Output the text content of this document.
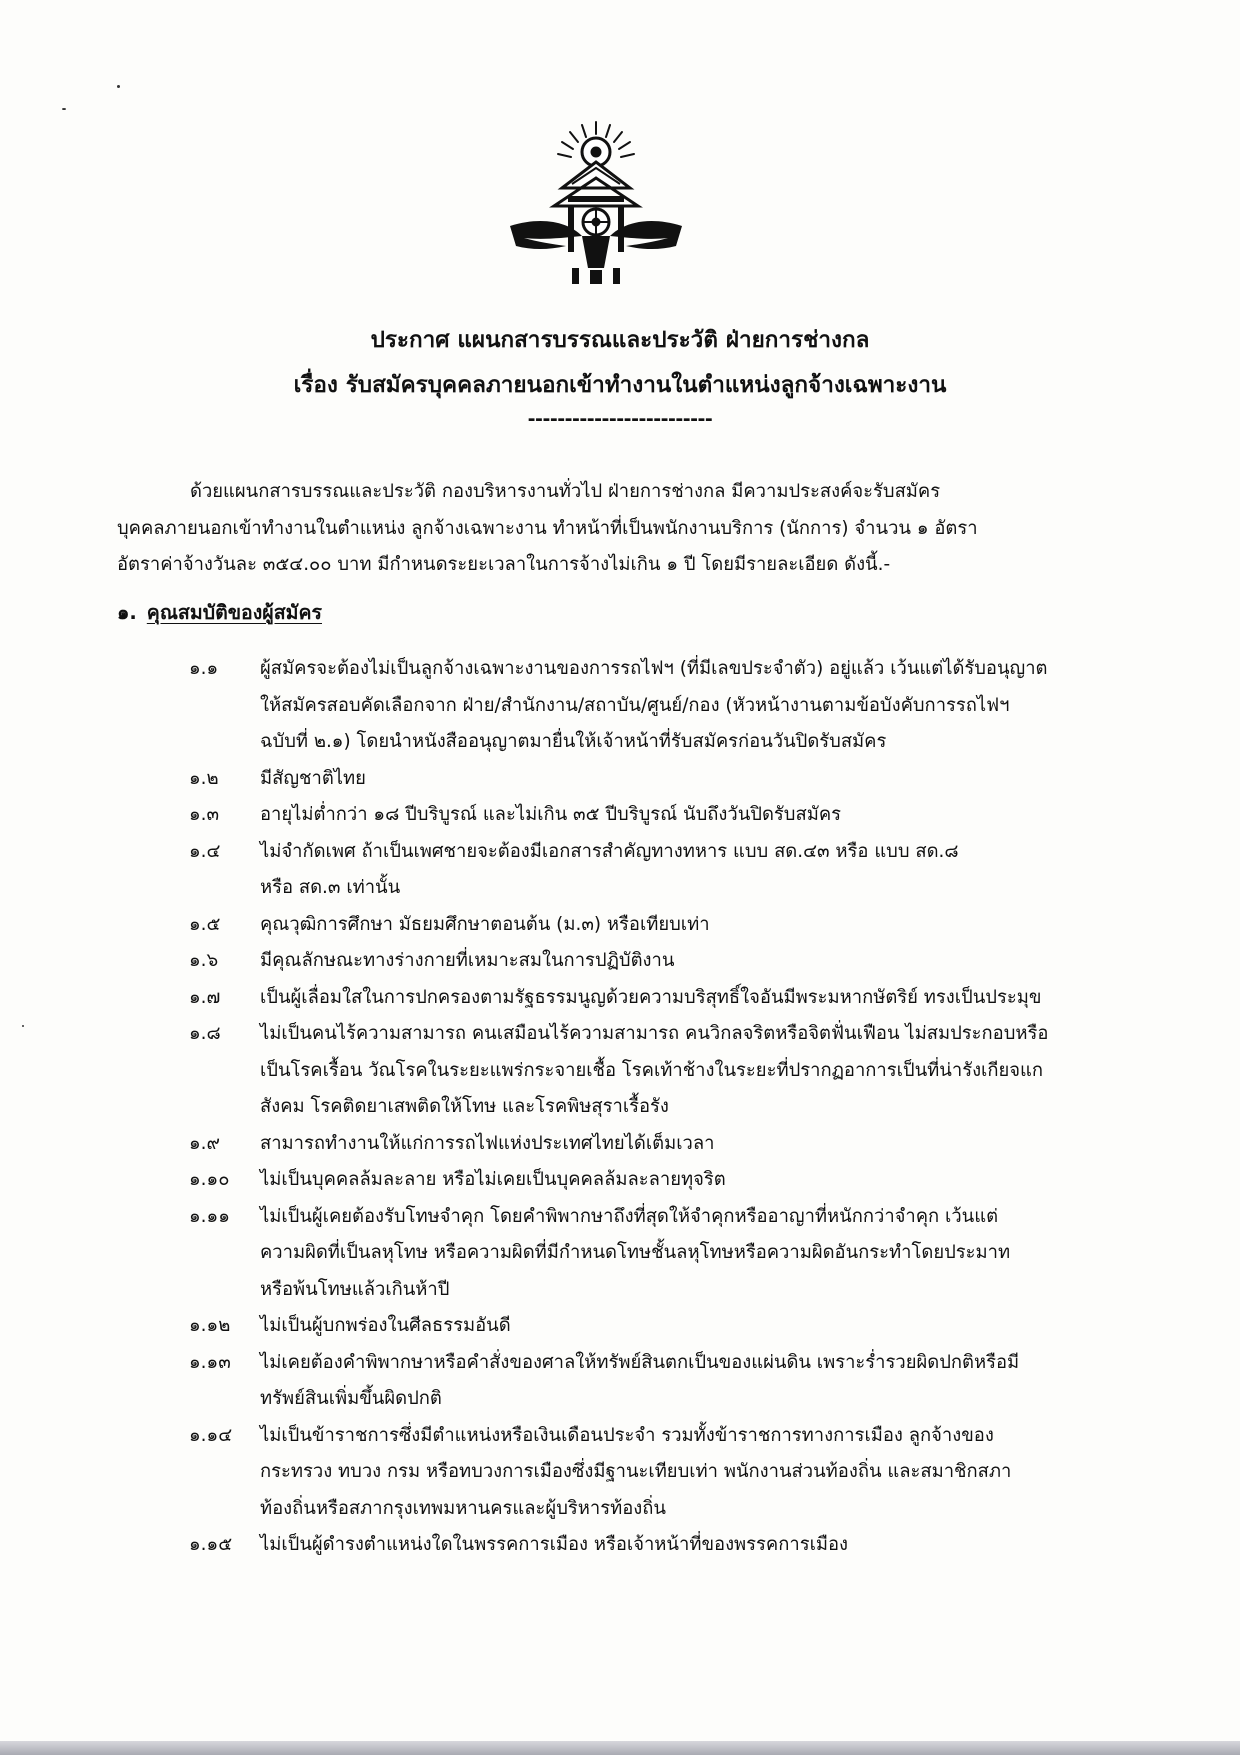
ประกาศ แผนกสารบรรณและประวัติ ฝ่ายการช่างกล
เรื่อง รับสมัครบุคคลภายนอกเข้าทำงานในตำแหน่งลูกจ้างเฉพาะงาน
-------------------------
ด้วยแผนกสารบรรณและประวัติ กองบริหารงานทั่วไป ฝ่ายการช่างกล มีความประสงค์จะรับสมัคร
บุคคลภายนอกเข้าทำงานในตำแหน่ง ลูกจ้างเฉพาะงาน ทำหน้าที่เป็นพนักงานบริการ (นักการ) จำนวน ๑ อัตรา
อัตราค่าจ้างวันละ ๓๕๔.๐๐ บาท มีกำหนดระยะเวลาในการจ้างไม่เกิน ๑ ปี โดยมีรายละเอียด ดังนี้.-
๑. คุณสมบัติของผู้สมัคร
๑.๑ ผู้สมัครจะต้องไม่เป็นลูกจ้างเฉพาะงานของการรถไฟฯ (ที่มีเลขประจำตัว) อยู่แล้ว เว้นแต่ได้รับอนุญาต
ให้สมัครสอบคัดเลือกจาก ฝ่าย/สำนักงาน/สถาบัน/ศูนย์/กอง (หัวหน้างานตามข้อบังคับการรถไฟฯ
ฉบับที่ ๒.๑) โดยนำหนังสืออนุญาตมายื่นให้เจ้าหน้าที่รับสมัครก่อนวันปิดรับสมัคร
๑.๒ มีสัญชาติไทย
๑.๓ อายุไม่ต่ำกว่า ๑๘ ปีบริบูรณ์ และไม่เกิน ๓๕ ปีบริบูรณ์ นับถึงวันปิดรับสมัคร
๑.๔ ไม่จำกัดเพศ ถ้าเป็นเพศชายจะต้องมีเอกสารสำคัญทางทหาร แบบ สด.๔๓ หรือ แบบ สด.๘
หรือ สด.๓ เท่านั้น
๑.๕ คุณวุฒิการศึกษา มัธยมศึกษาตอนต้น (ม.๓) หรือเทียบเท่า
๑.๖ มีคุณลักษณะทางร่างกายที่เหมาะสมในการปฏิบัติงาน
๑.๗ เป็นผู้เลื่อมใสในการปกครองตามรัฐธรรมนูญด้วยความบริสุทธิ์ใจอันมีพระมหากษัตริย์ ทรงเป็นประมุข
๑.๘ ไม่เป็นคนไร้ความสามารถ คนเสมือนไร้ความสามารถ คนวิกลจริตหรือจิตฟั่นเฟือน ไม่สมประกอบหรือ
เป็นโรคเรื้อน วัณโรคในระยะแพร่กระจายเชื้อ โรคเท้าช้างในระยะที่ปรากฏอาการเป็นที่น่ารังเกียจแก
สังคม โรคติดยาเสพติดให้โทษ และโรคพิษสุราเรื้อรัง
๑.๙ สามารถทำงานให้แก่การรถไฟแห่งประเทศไทยได้เต็มเวลา
๑.๑๐ ไม่เป็นบุคคลล้มละลาย หรือไม่เคยเป็นบุคคลล้มละลายทุจริต
๑.๑๑ ไม่เป็นผู้เคยต้องรับโทษจำคุก โดยคำพิพากษาถึงที่สุดให้จำคุกหรืออาญาที่หนักกว่าจำคุก เว้นแต่
ความผิดที่เป็นลหุโทษ หรือความผิดที่มีกำหนดโทษชั้นลหุโทษหรือความผิดอันกระทำโดยประมาท
หรือพ้นโทษแล้วเกินห้าปี
๑.๑๒ ไม่เป็นผู้บกพร่องในศีลธรรมอันดี
๑.๑๓ ไม่เคยต้องคำพิพากษาหรือคำสั่งของศาลให้ทรัพย์สินตกเป็นของแผ่นดิน เพราะร่ำรวยผิดปกติหรือมี
ทรัพย์สินเพิ่มขึ้นผิดปกติ
๑.๑๔ ไม่เป็นข้าราชการซึ่งมีตำแหน่งหรือเงินเดือนประจำ รวมทั้งข้าราชการทางการเมือง ลูกจ้างของ
กระทรวง ทบวง กรม หรือทบวงการเมืองซึ่งมีฐานะเทียบเท่า พนักงานส่วนท้องถิ่น และสมาชิกสภา
ท้องถิ่นหรือสภากรุงเทพมหานครและผู้บริหารท้องถิ่น
๑.๑๕ ไม่เป็นผู้ดำรงตำแหน่งใดในพรรคการเมือง หรือเจ้าหน้าที่ของพรรคการเมือง
